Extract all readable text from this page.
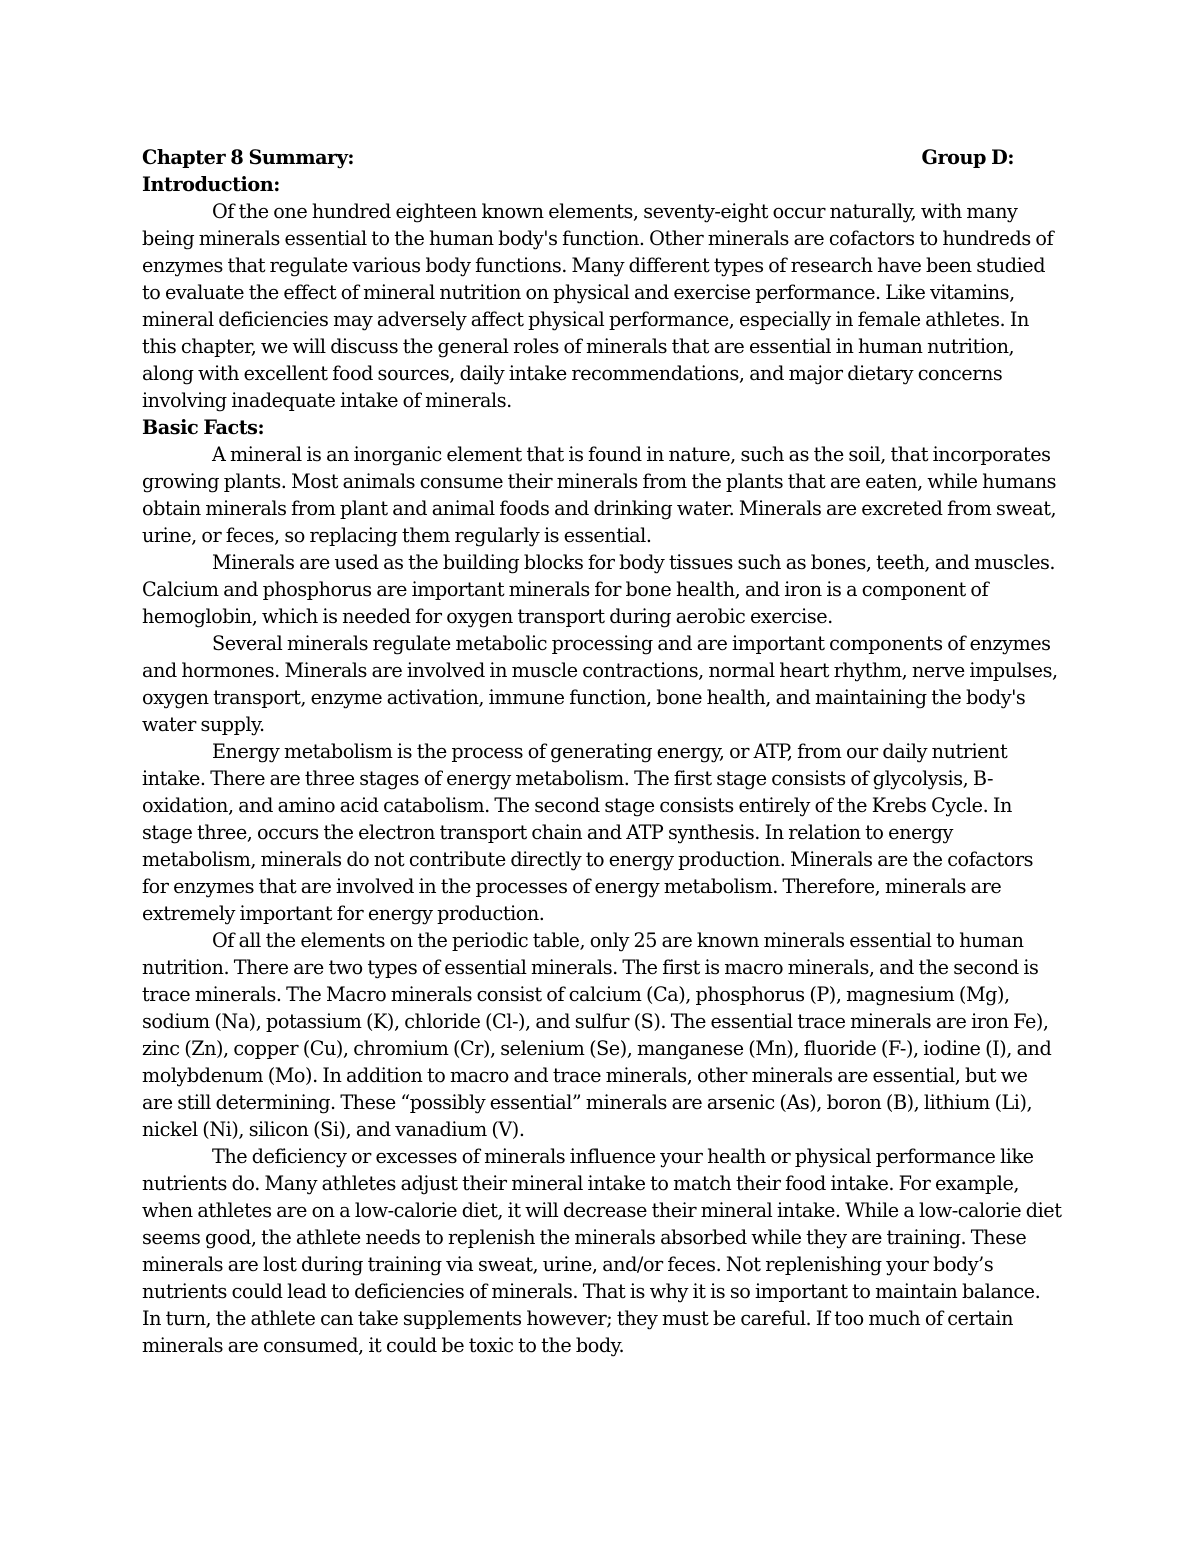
Chapter 8 Summary:	Group D:
Introduction:

Of the one hundred eighteen known elements, seventy-eight occur naturally, with many being minerals essential to the human body's function. Other minerals are cofactors to hundreds of enzymes that regulate various body functions. Many different types of research have been studied to evaluate the effect of mineral nutrition on physical and exercise performance. Like vitamins, mineral deficiencies may adversely affect physical performance, especially in female athletes. In this chapter, we will discuss the general roles of minerals that are essential in human nutrition, along with excellent food sources, daily intake recommendations, and major dietary concerns involving inadequate intake of minerals.

Basic Facts:

A mineral is an inorganic element that is found in nature, such as the soil, that incorporates growing plants. Most animals consume their minerals from the plants that are eaten, while humans obtain minerals from plant and animal foods and drinking water. Minerals are excreted from sweat, urine, or feces, so replacing them regularly is essential.

Minerals are used as the building blocks for body tissues such as bones, teeth, and muscles. Calcium and phosphorus are important minerals for bone health, and iron is a component of hemoglobin, which is needed for oxygen transport during aerobic exercise.

Several minerals regulate metabolic processing and are important components of enzymes and hormones. Minerals are involved in muscle contractions, normal heart rhythm, nerve impulses, oxygen transport, enzyme activation, immune function, bone health, and maintaining the body's water supply.

Energy metabolism is the process of generating energy, or ATP, from our daily nutrient intake. There are three stages of energy metabolism. The first stage consists of glycolysis, B-oxidation, and amino acid catabolism. The second stage consists entirely of the Krebs Cycle. In stage three, occurs the electron transport chain and ATP synthesis. In relation to energy metabolism, minerals do not contribute directly to energy production. Minerals are the cofactors for enzymes that are involved in the processes of energy metabolism. Therefore, minerals are extremely important for energy production.

Of all the elements on the periodic table, only 25 are known minerals essential to human nutrition. There are two types of essential minerals. The first is macro minerals, and the second is trace minerals. The Macro minerals consist of calcium (Ca), phosphorus (P), magnesium (Mg), sodium (Na), potassium (K), chloride (Cl-), and sulfur (S). The essential trace minerals are iron Fe), zinc (Zn), copper (Cu), chromium (Cr), selenium (Se), manganese (Mn), fluoride (F-), iodine (I), and molybdenum (Mo). In addition to macro and trace minerals, other minerals are essential, but we are still determining. These “possibly essential” minerals are arsenic (As), boron (B), lithium (Li), nickel (Ni), silicon (Si), and vanadium (V).

The deficiency or excesses of minerals influence your health or physical performance like nutrients do. Many athletes adjust their mineral intake to match their food intake. For example, when athletes are on a low-calorie diet, it will decrease their mineral intake. While a low-calorie diet seems good, the athlete needs to replenish the minerals absorbed while they are training. These minerals are lost during training via sweat, urine, and/or feces. Not replenishing your body’s nutrients could lead to deficiencies of minerals. That is why it is so important to maintain balance. In turn, the athlete can take supplements however; they must be careful. If too much of certain minerals are consumed, it could be toxic to the body.
